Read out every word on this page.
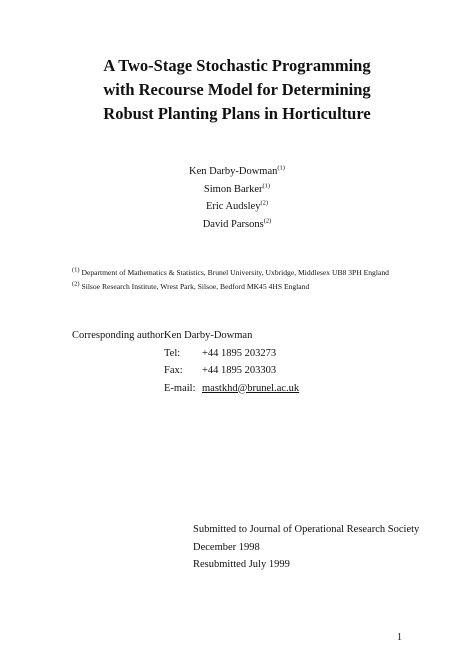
A Two-Stage Stochastic Programming
with Recourse Model for Determining
Robust Planting Plans in Horticulture
Ken Darby-Dowman$^{(1)}$
Simon Barker$^{(1)}$
Eric Audsley$^{(2)}$
David Parsons$^{(2)}$
$^{(1)}$ Department of Mathematics & Statistics, Brunel University, Uxbridge, Middlesex UB8 3PH England
$^{(2)}$ Silsoe Research Institute, Wrest Park, Silsoe, Bedford MK45 4HS England
Corresponding author:
Ken Darby-Dowman
Tel: +44 1895 203273
Fax: +44 1895 203303
E-mail: mastkhd@brunel.ac.uk
Submitted to Journal of Operational Research Society
December 1998
Resubmitted July 1999
1
